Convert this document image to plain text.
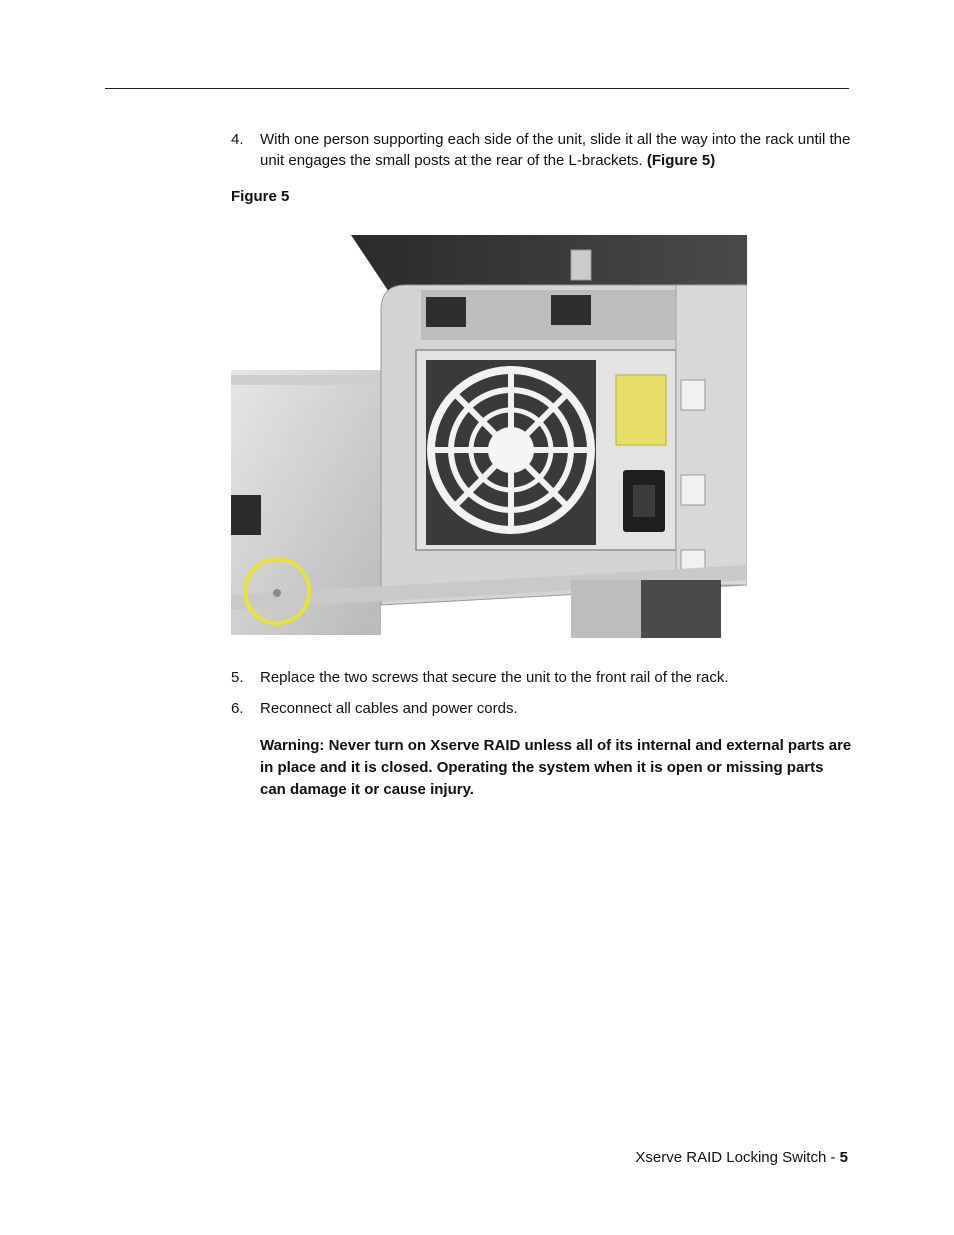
4.	With one person supporting each side of the unit, slide it all the way into the rack until the unit engages the small posts at the rear of the L-brackets. (Figure 5)
Figure 5
5.	Replace the two screws that secure the unit to the front rail of the rack.
6.	Reconnect all cables and power cords.
Warning: Never turn on Xserve RAID unless all of its internal and external parts are in place and it is closed. Operating the system when it is open or missing parts can damage it or cause injury.
Xserve RAID Locking Switch - 5
